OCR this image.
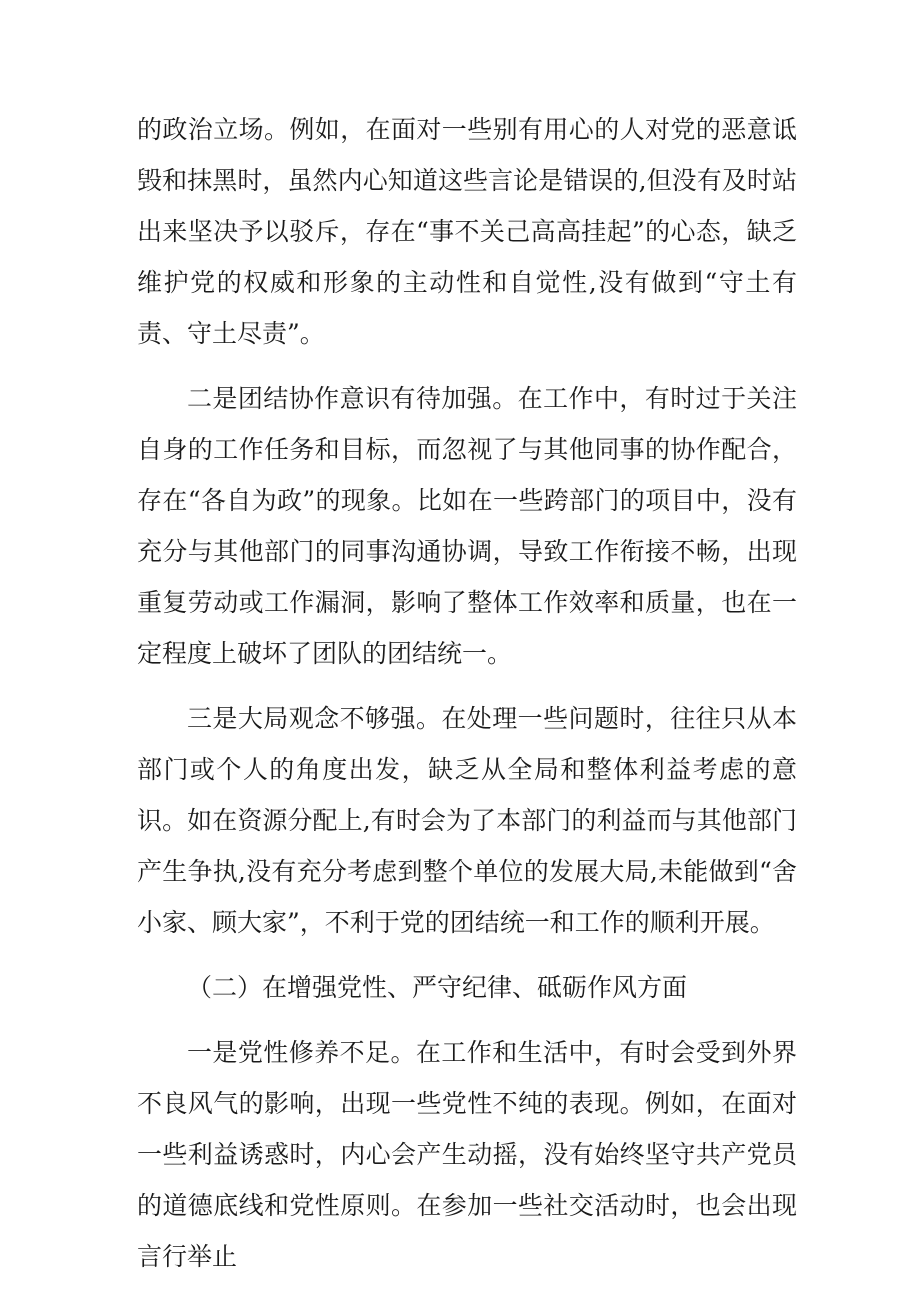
的政治立场。例如，在面对一些别有用心的人对党的恶意诋毁和抹黑时，虽然内心知道这些言论是错误的,但没有及时站出来坚决予以驳斥，存在“事不关己高高挂起”的心态，缺乏维护党的权威和形象的主动性和自觉性,没有做到“守土有责、守土尽责”。

二是团结协作意识有待加强。在工作中，有时过于关注自身的工作任务和目标，而忽视了与其他同事的协作配合，存在“各自为政”的现象。比如在一些跨部门的项目中，没有充分与其他部门的同事沟通协调，导致工作衔接不畅，出现重复劳动或工作漏洞，影响了整体工作效率和质量，也在一定程度上破坏了团队的团结统一。

三是大局观念不够强。在处理一些问题时，往往只从本部门或个人的角度出发，缺乏从全局和整体利益考虑的意识。如在资源分配上,有时会为了本部门的利益而与其他部门产生争执,没有充分考虑到整个单位的发展大局,未能做到“舍小家、顾大家”，不利于党的团结统一和工作的顺利开展。

（二）在增强党性、严守纪律、砥砺作风方面

一是党性修养不足。在工作和生活中，有时会受到外界不良风气的影响，出现一些党性不纯的表现。例如，在面对一些利益诱惑时，内心会产生动摇，没有始终坚守共产党员的道德底线和党性原则。在参加一些社交活动时，也会出现言行举止
